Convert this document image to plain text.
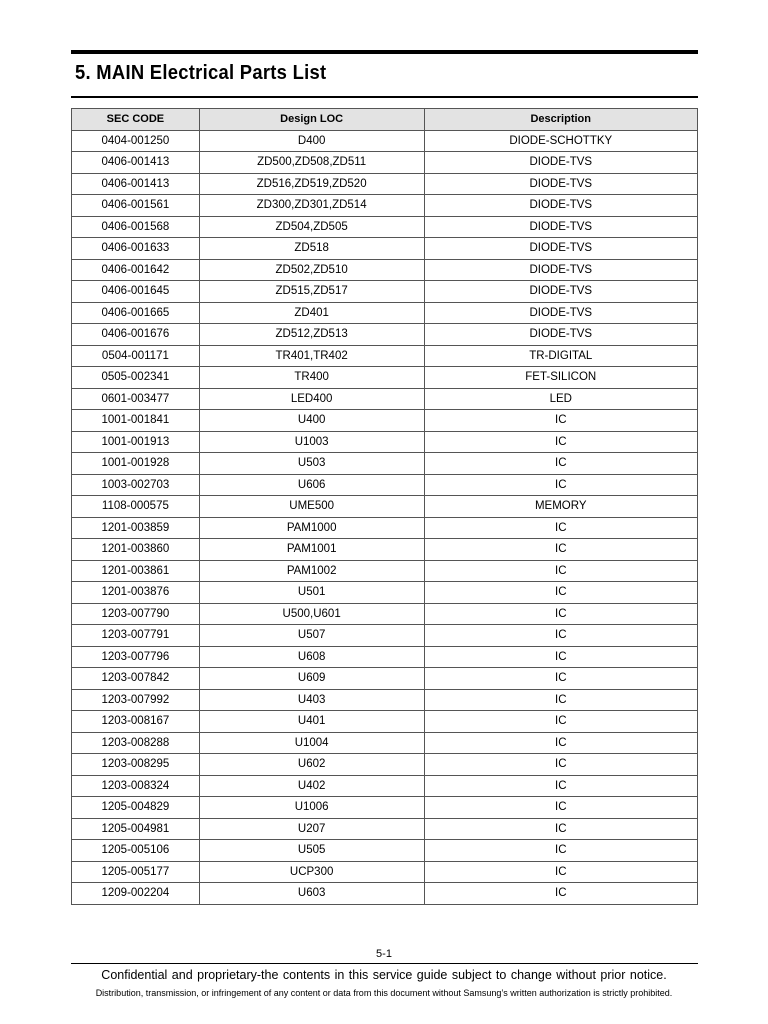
5. MAIN Electrical Parts List
SEC CODE	Design LOC	Description
0404-001250	D400	DIODE-SCHOTTKY
0406-001413	ZD500,ZD508,ZD511	DIODE-TVS
0406-001413	ZD516,ZD519,ZD520	DIODE-TVS
0406-001561	ZD300,ZD301,ZD514	DIODE-TVS
0406-001568	ZD504,ZD505	DIODE-TVS
0406-001633	ZD518	DIODE-TVS
0406-001642	ZD502,ZD510	DIODE-TVS
0406-001645	ZD515,ZD517	DIODE-TVS
0406-001665	ZD401	DIODE-TVS
0406-001676	ZD512,ZD513	DIODE-TVS
0504-001171	TR401,TR402	TR-DIGITAL
0505-002341	TR400	FET-SILICON
0601-003477	LED400	LED
1001-001841	U400	IC
1001-001913	U1003	IC
1001-001928	U503	IC
1003-002703	U606	IC
1108-000575	UME500	MEMORY
1201-003859	PAM1000	IC
1201-003860	PAM1001	IC
1201-003861	PAM1002	IC
1201-003876	U501	IC
1203-007790	U500,U601	IC
1203-007791	U507	IC
1203-007796	U608	IC
1203-007842	U609	IC
1203-007992	U403	IC
1203-008167	U401	IC
1203-008288	U1004	IC
1203-008295	U602	IC
1203-008324	U402	IC
1205-004829	U1006	IC
1205-004981	U207	IC
1205-005106	U505	IC
1205-005177	UCP300	IC
1209-002204	U603	IC
5-1
Confidential and proprietary-the contents in this service guide subject to change without prior notice.
Distribution, transmission, or infringement of any content or data from this document without Samsung’s written authorization is strictly prohibited.
